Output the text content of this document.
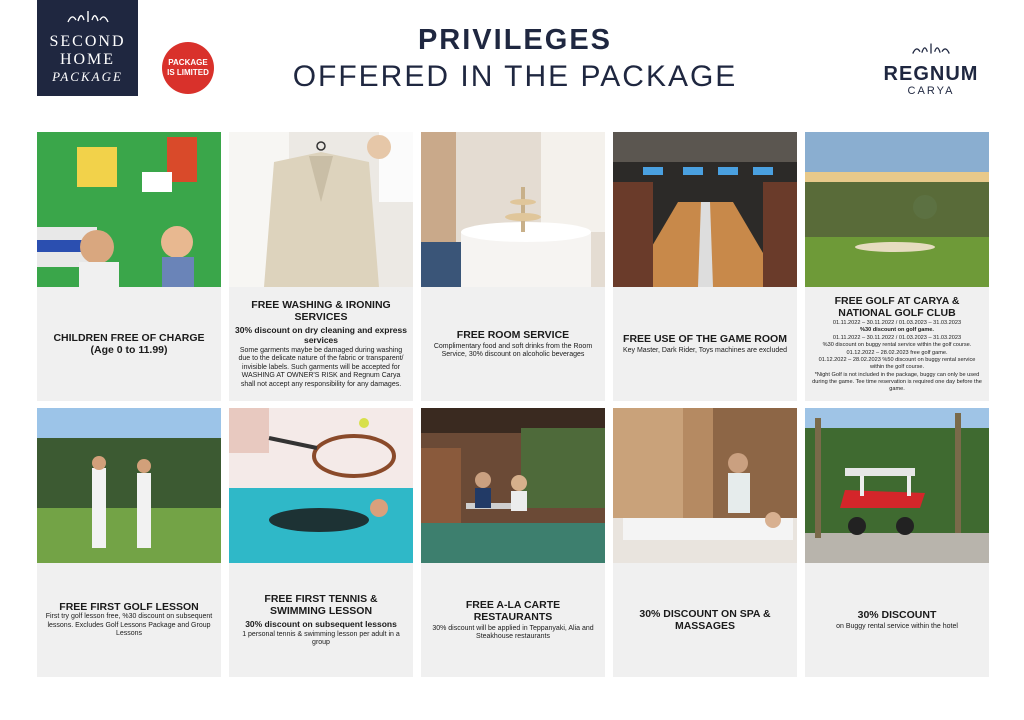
SECOND
HOME
PACKAGE
PACKAGE
IS LIMITED
PRIVILEGES
OFFERED IN THE PACKAGE	REGNUM
CARYA
CHILDREN FREE OF CHARGE
(Age 0 to 11.99)
FREE WASHING & IRONING SERVICES
30% discount on dry cleaning and express services
Some garments maybe be damaged during washing due to the delicate nature of the fabric or transparent/ invisible labels. Such garments will be accepted for WASHING AT OWNER'S RISK and Regnum Carya shall not accept any responsibility for any damages.
FREE ROOM SERVICE
Complimentary food and soft drinks from the Room Service, 30% discount on alcoholic beverages
FREE USE OF THE GAME ROOM
Key Master, Dark Rider, Toys machines are excluded
FREE GOLF AT CARYA & NATIONAL GOLF CLUB
01.11.2022 – 30.11.2022 / 01.03.2023 – 31.03.2023
%30 discount on golf game.
01.11.2022 – 30.11.2022 / 01.03.2023 – 31.03.2023
%30 discount on buggy rental service within the golf course.
01.12.2022 – 28.02.2023 free golf game.
01.12.2022 – 28.02.2023 %50 discount on buggy rental service within the golf course.
*Night Golf is not included in the package, buggy can only be used during the game. Tee time reservation is required one day before the game.
FREE FIRST GOLF LESSON
First try golf lesson free, %30 discount on subsequent lessons. Excludes Golf Lessons Package and Group Lessons
FREE FIRST TENNIS & SWIMMING LESSON
30% discount on subsequent lessons
1 personal tennis & swimming lesson per adult in a group
FREE A-LA CARTE RESTAURANTS
30% discount will be applied in Teppanyaki, Alia and Steakhouse restaurants
30% DISCOUNT ON SPA & MASSAGES
30% DISCOUNT
on Buggy rental service within the hotel
